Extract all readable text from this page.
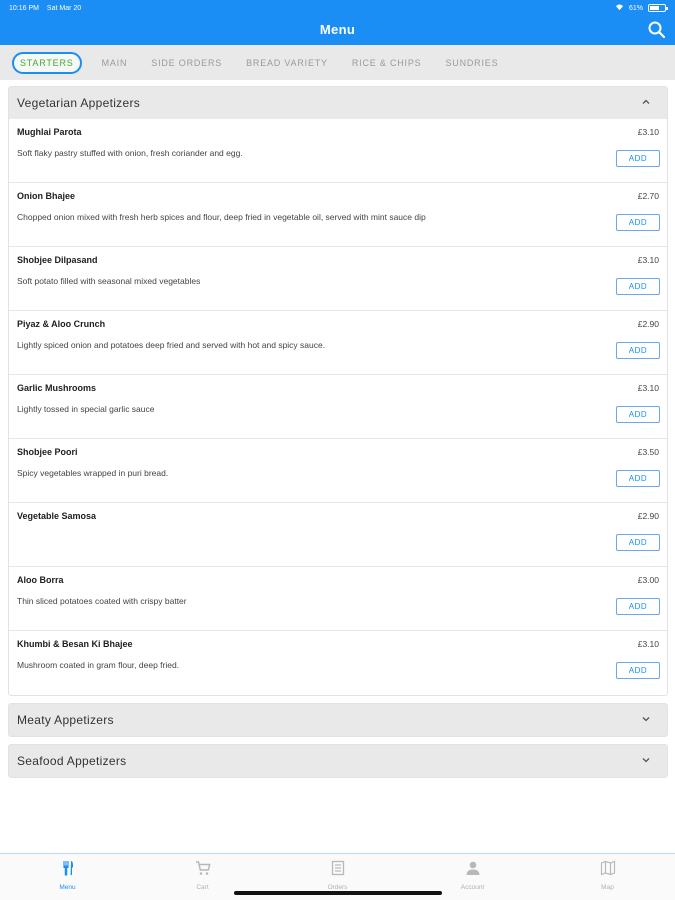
10:16 PM Sat Mar 20	61%
Menu
STARTERS	MAIN	SIDE ORDERS	BREAD VARIETY	RICE & CHIPS	SUNDRIES
Vegetarian Appetizers
Mughlai Parota
Soft flaky pastry stuffed with onion, fresh coriander and egg.
£3.10
ADD
Onion Bhajee
Chopped onion mixed with fresh herb spices and flour, deep fried in vegetable oil, served with mint sauce dip
£2.70
ADD
Shobjee Dilpasand
Soft potato filled with seasonal mixed vegetables
£3.10
ADD
Piyaz & Aloo Crunch
Lightly spiced onion and potatoes deep fried and served with hot and spicy sauce.
£2.90
ADD
Garlic Mushrooms
Lightly tossed in special garlic sauce
£3.10
ADD
Shobjee Poori
Spicy vegetables wrapped in puri bread.
£3.50
ADD
Vegetable Samosa	£2.90
ADD
Aloo Borra
Thin sliced potatoes coated with crispy batter
£3.00
ADD
Khumbi & Besan Ki Bhajee
Mushroom coated in gram flour, deep fried.
£3.10
ADD
Meaty Appetizers
Seafood Appetizers
Menu	Cart	Orders	Account	Map
